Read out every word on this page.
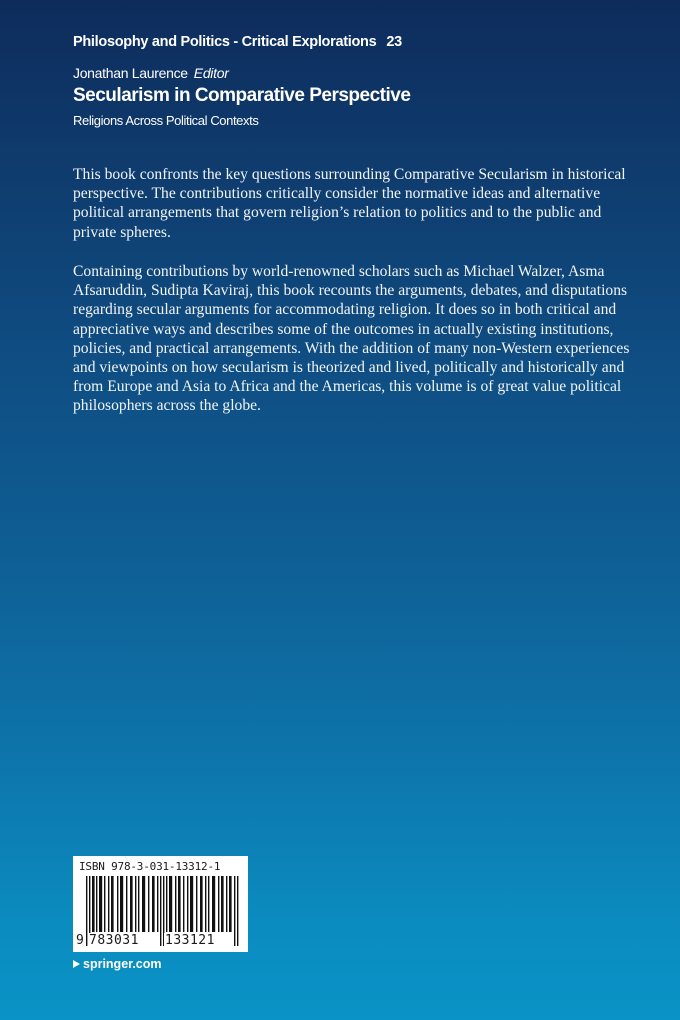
Philosophy and Politics - Critical Explorations 23
Jonathan Laurence Editor
Secularism in Comparative Perspective
Religions Across Political Contexts

This book confronts the key questions surrounding Comparative Secularism in historical perspective. The contributions critically consider the normative ideas and alternative political arrangements that govern religion’s relation to politics and to the public and private spheres.

Containing contributions by world-renowned scholars such as Michael Walzer, Asma Afsaruddin, Sudipta Kaviraj, this book recounts the arguments, debates, and disputations regarding secular arguments for accommodating religion. It does so in both critical and appreciative ways and describes some of the outcomes in actually existing institutions, policies, and practical arrangements. With the addition of many non-Western experiences and viewpoints on how secularism is theorized and lived, politically and historically and from Europe and Asia to Africa and the Americas, this volume is of great value political philosophers across the globe.

ISBN 978-3-031-13312-1
9 783031 133121
springer.com
